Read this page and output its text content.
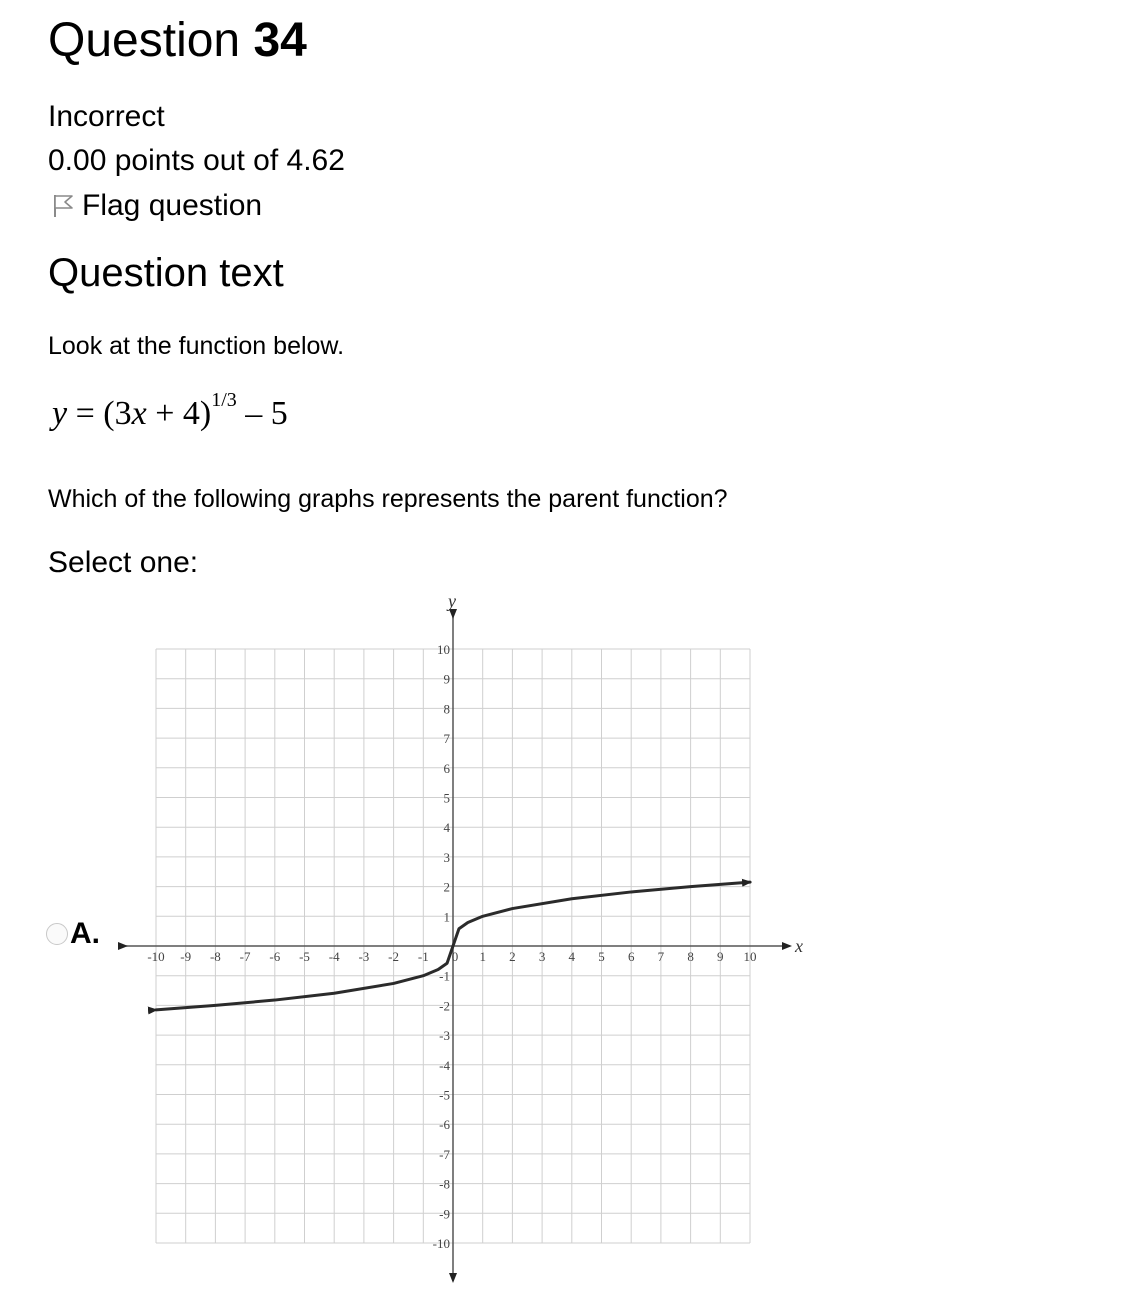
Question 34
Incorrect
0.00 points out of 4.62
Flag question
Question text
Look at the function below.
$y = (3x + 4)^{1/3} - 5$
Which of the following graphs represents the parent function?
Select one:
A.	x
y
-10 -9 -8 -7 -6 -5 -4 -3 -2 -1 0 1 2 3 4 5 6 7 8 9 10
10
9
8
7
6
5
4
3
2
1
-1
-2
-3
-4
-5
-6
-7
-8
-9
-10
